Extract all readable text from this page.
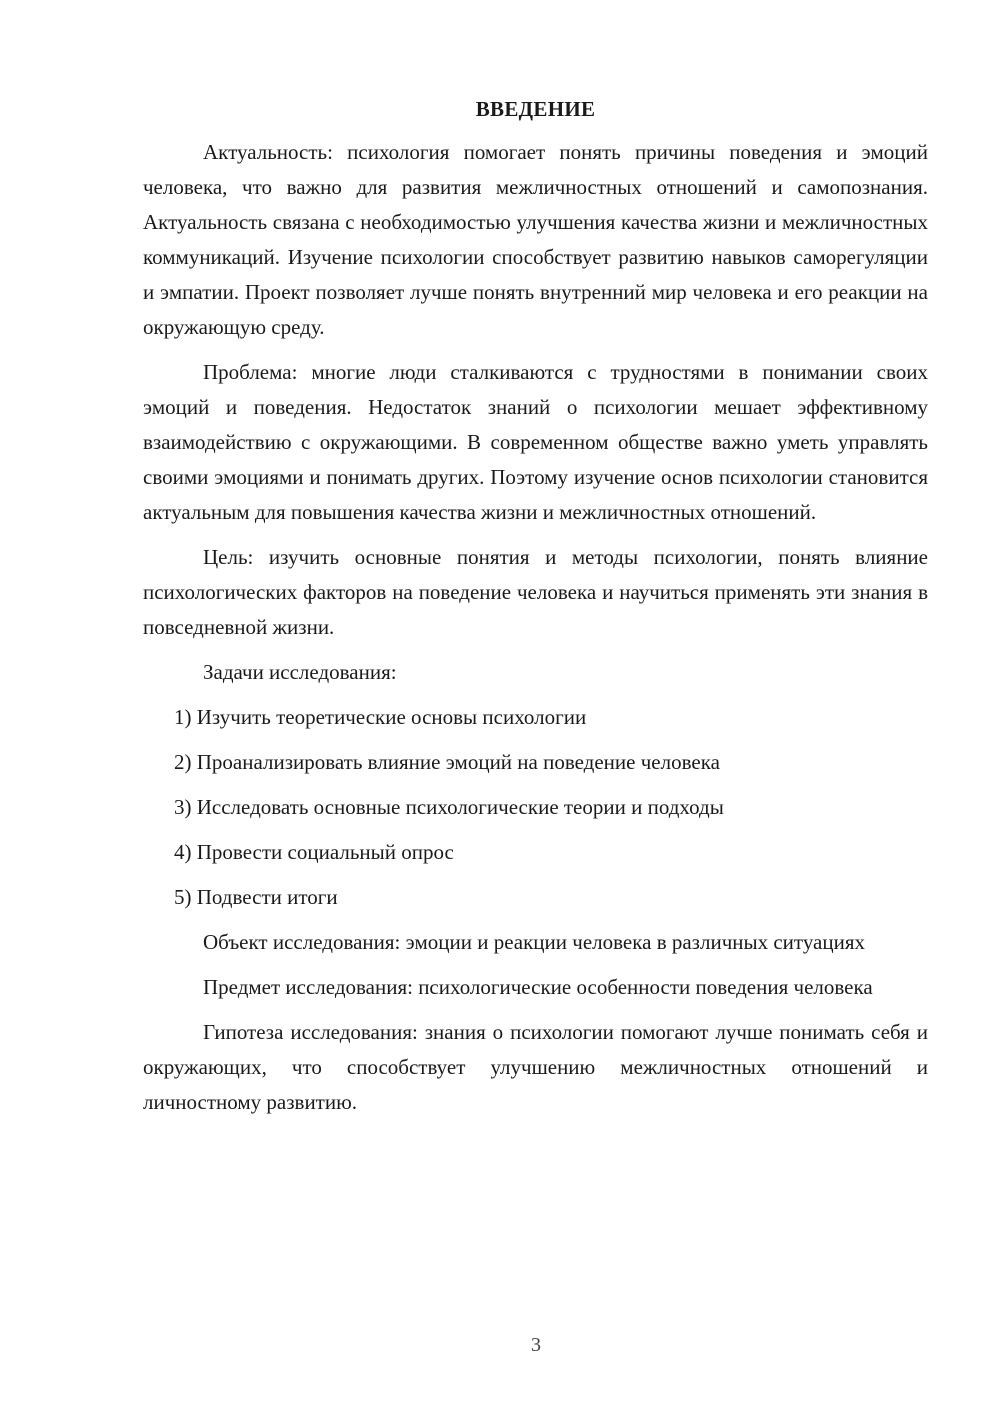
ВВЕДЕНИЕ

Актуальность: психология помогает понять причины поведения и эмоций человека, что важно для развития межличностных отношений и самопознания. Актуальность связана с необходимостью улучшения качества жизни и межличностных коммуникаций. Изучение психологии способствует развитию навыков саморегуляции и эмпатии. Проект позволяет лучше понять внутренний мир человека и его реакции на окружающую среду.

Проблема: многие люди сталкиваются с трудностями в понимании своих эмоций и поведения. Недостаток знаний о психологии мешает эффективному взаимодействию с окружающими. В современном обществе важно уметь управлять своими эмоциями и понимать других. Поэтому изучение основ психологии становится актуальным для повышения качества жизни и межличностных отношений.

Цель: изучить основные понятия и методы психологии, понять влияние психологических факторов на поведение человека и научиться применять эти знания в повседневной жизни.

Задачи исследования:

1) Изучить теоретические основы психологии
2) Проанализировать влияние эмоций на поведение человека
3) Исследовать основные психологические теории и подходы
4) Провести социальный опрос
5) Подвести итоги

Объект исследования: эмоции и реакции человека в различных ситуациях

Предмет исследования: психологические особенности поведения человека

Гипотеза исследования: знания о психологии помогают лучше понимать себя и окружающих, что способствует улучшению межличностных отношений и личностному развитию.

3
